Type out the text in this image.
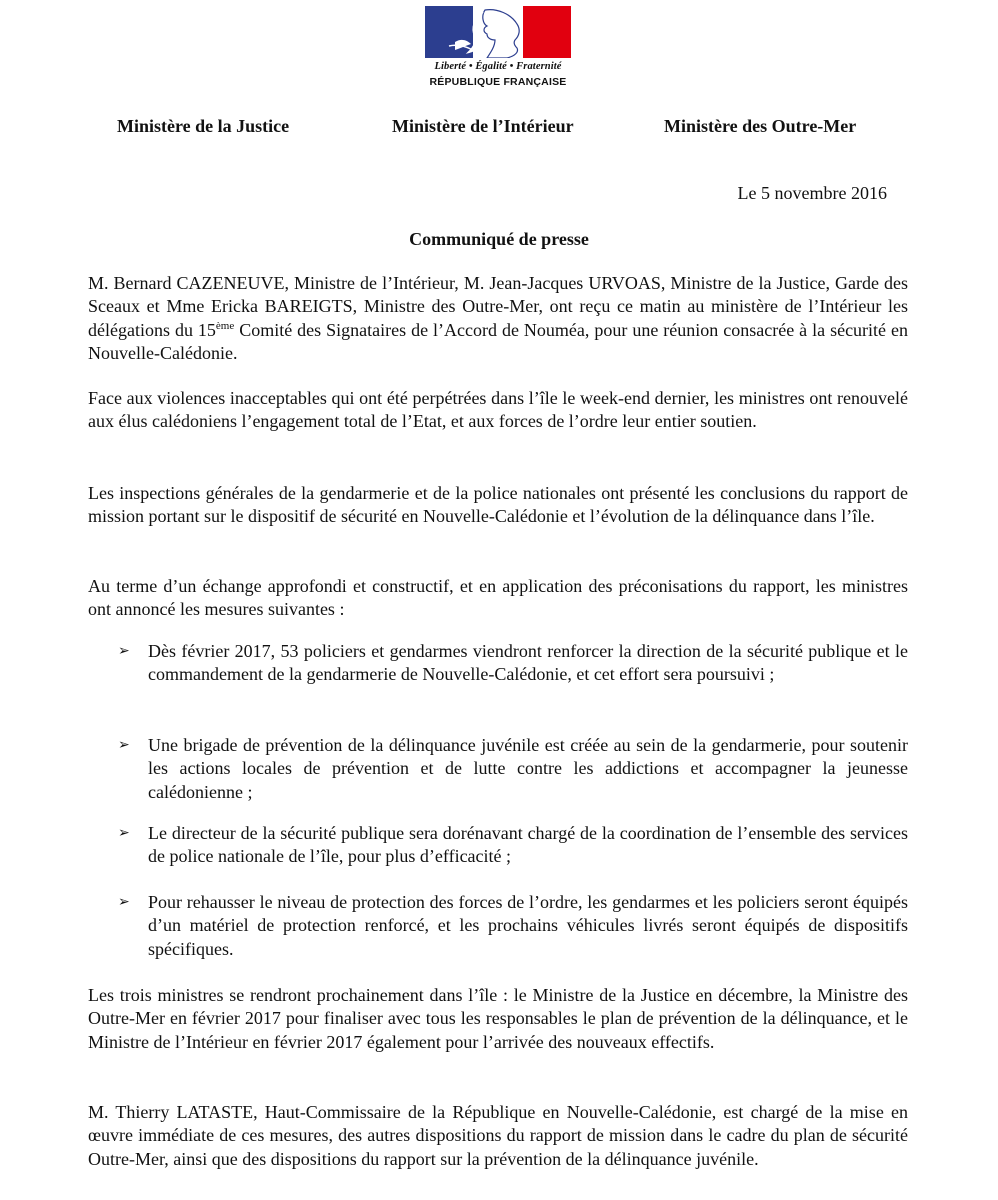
Liberté • Égalité • Fraternité
RÉPUBLIQUE FRANÇAISE
Ministère de la Justice	Ministère de l’Intérieur	Ministère des Outre-Mer
Le 5 novembre 2016
Communiqué de presse
M. Bernard CAZENEUVE, Ministre de l’Intérieur, M. Jean-Jacques URVOAS, Ministre de la Justice, Garde des Sceaux et Mme Ericka BAREIGTS, Ministre des Outre-Mer, ont reçu ce matin au ministère de l’Intérieur les délégations du 15ème Comité des Signataires de l’Accord de Nouméa, pour une réunion consacrée à la sécurité en Nouvelle-Calédonie.
Face aux violences inacceptables qui ont été perpétrées dans l’île le week-end dernier, les ministres ont renouvelé aux élus calédoniens l’engagement total de l’Etat, et aux forces de l’ordre leur entier soutien.
Les inspections générales de la gendarmerie et de la police nationales ont présenté les conclusions du rapport de mission portant sur le dispositif de sécurité en Nouvelle-Calédonie et l’évolution de la délinquance dans l’île.
Au terme d’un échange approfondi et constructif, et en application des préconisations du rapport, les ministres ont annoncé les mesures suivantes :
➢ Dès février 2017, 53 policiers et gendarmes viendront renforcer la direction de la sécurité publique et le commandement de la gendarmerie de Nouvelle-Calédonie, et cet effort sera poursuivi ;
➢ Une brigade de prévention de la délinquance juvénile est créée au sein de la gendarmerie, pour soutenir les actions locales de prévention et de lutte contre les addictions et accompagner la jeunesse calédonienne ;
➢ Le directeur de la sécurité publique sera dorénavant chargé de la coordination de l’ensemble des services de police nationale de l’île, pour plus d’efficacité ;
➢ Pour rehausser le niveau de protection des forces de l’ordre, les gendarmes et les policiers seront équipés d’un matériel de protection renforcé, et les prochains véhicules livrés seront équipés de dispositifs spécifiques.
Les trois ministres se rendront prochainement dans l’île : le Ministre de la Justice en décembre, la Ministre des Outre-Mer en février 2017 pour finaliser avec tous les responsables le plan de prévention de la délinquance, et le Ministre de l’Intérieur en février 2017 également pour l’arrivée des nouveaux effectifs.
M. Thierry LATASTE, Haut-Commissaire de la République en Nouvelle-Calédonie, est chargé de la mise en œuvre immédiate de ces mesures, des autres dispositions du rapport de mission dans le cadre du plan de sécurité Outre-Mer, ainsi que des dispositions du rapport sur la prévention de la délinquance juvénile.
